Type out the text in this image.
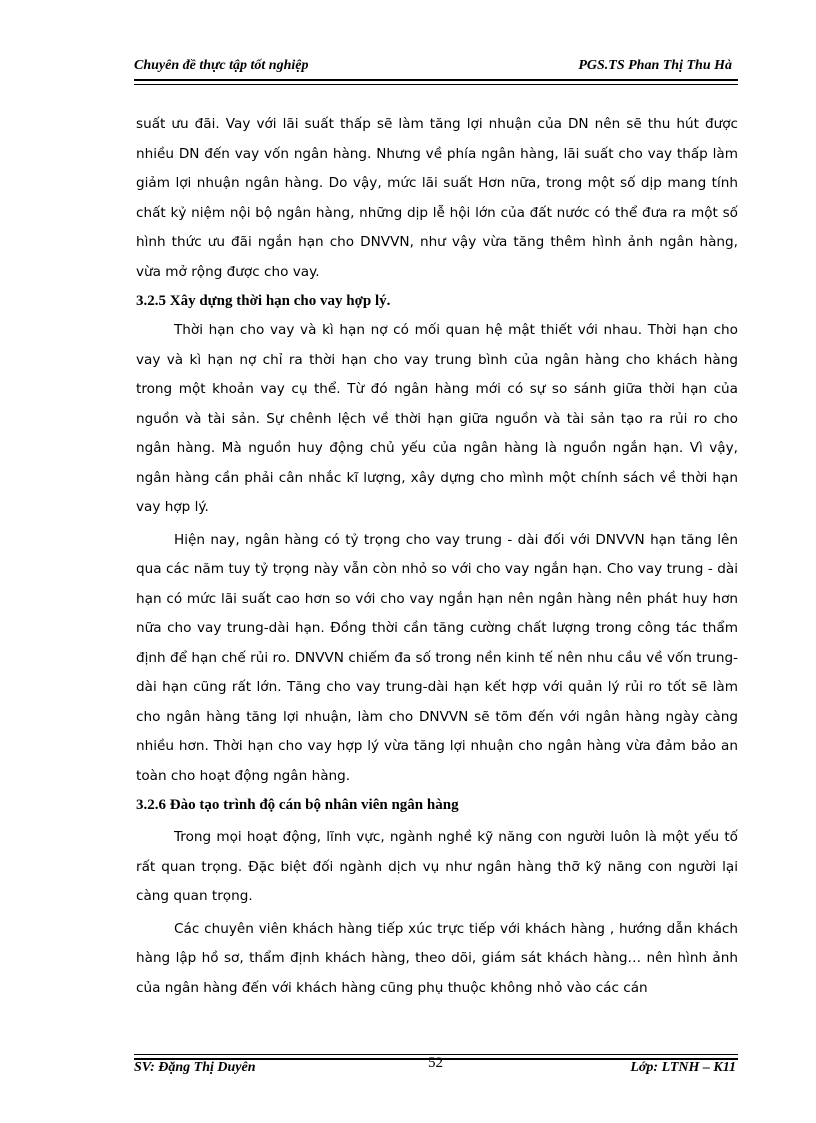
Chuyên đề thực tập tốt nghiệp	PGS.TS Phan Thị Thu Hà

suất ưu đãi. Vay với lãi suất thấp sẽ làm tăng lợi nhuận của DN nên sẽ thu hút được nhiều DN đến vay vốn ngân hàng. Nhưng về phía ngân hàng, lãi suất cho vay thấp làm giảm lợi nhuận ngân hàng. Do vậy, mức lãi suất Hơn nữa, trong một số dịp mang tính chất kỷ niệm nội bộ ngân hàng, những dịp lễ hội lớn của đất nước có thể đưa ra một số hình thức ưu đãi ngắn hạn cho DNVVN, như vậy vừa tăng thêm hình ảnh ngân hàng, vừa mở rộng được cho vay.

3.2.5 Xây dựng thời hạn cho vay hợp lý.

Thời hạn cho vay và kì hạn nợ có mối quan hệ mật thiết với nhau. Thời hạn cho vay và kì hạn nợ chỉ ra thời hạn cho vay trung bình của ngân hàng cho khách hàng trong một khoản vay cụ thể. Từ đó ngân hàng mới có sự so sánh giữa thời hạn của nguồn và tài sản. Sự chênh lệch về thời hạn giữa nguồn và tài sản tạo ra rủi ro cho ngân hàng. Mà nguồn huy động chủ yếu của ngân hàng là nguồn ngắn hạn. Vì vậy, ngân hàng cần phải cân nhắc kĩ lượng, xây dựng cho mình một chính sách về thời hạn vay hợp lý.

Hiện nay, ngân hàng có tỷ trọng cho vay trung - dài đối với DNVVN hạn tăng lên qua các năm tuy tỷ trọng này vẫn còn nhỏ so với cho vay ngắn hạn. Cho vay trung - dài hạn có mức lãi suất cao hơn so với cho vay ngắn hạn nên ngân hàng nên phát huy hơn nữa cho vay trung-dài hạn. Đồng thời cần tăng cường chất lượng trong công tác thẩm định để hạn chế rủi ro. DNVVN chiếm đa số trong nền kinh tế nên nhu cầu về vốn trung-dài hạn cũng rất lớn. Tăng cho vay trung-dài hạn kết hợp với quản lý rủi ro tốt sẽ làm cho ngân hàng tăng lợi nhuận, làm cho DNVVN sẽ tõm đến với ngân hàng ngày càng nhiều hơn. Thời hạn cho vay hợp lý vừa tăng lợi nhuận cho ngân hàng vừa đảm bảo an toàn cho hoạt động ngân hàng.

3.2.6 Đào tạo trình độ cán bộ nhân viên ngân hàng

Trong mọi hoạt động, lĩnh vực, ngành nghề kỹ năng con người luôn là một yếu tố rất quan trọng. Đặc biệt đối ngành dịch vụ như ngân hàng thỡ kỹ năng con người lại càng quan trọng.

Các chuyên viên khách hàng tiếp xúc trực tiếp với khách hàng , hướng dẫn khách hàng lập hồ sơ, thẩm định khách hàng, theo dõi, giám sát khách hàng… nên hình ảnh của ngân hàng đến với khách hàng cũng phụ thuộc không nhỏ vào các cán

SV: Đặng Thị Duyên	52	Lớp: LTNH – K11
